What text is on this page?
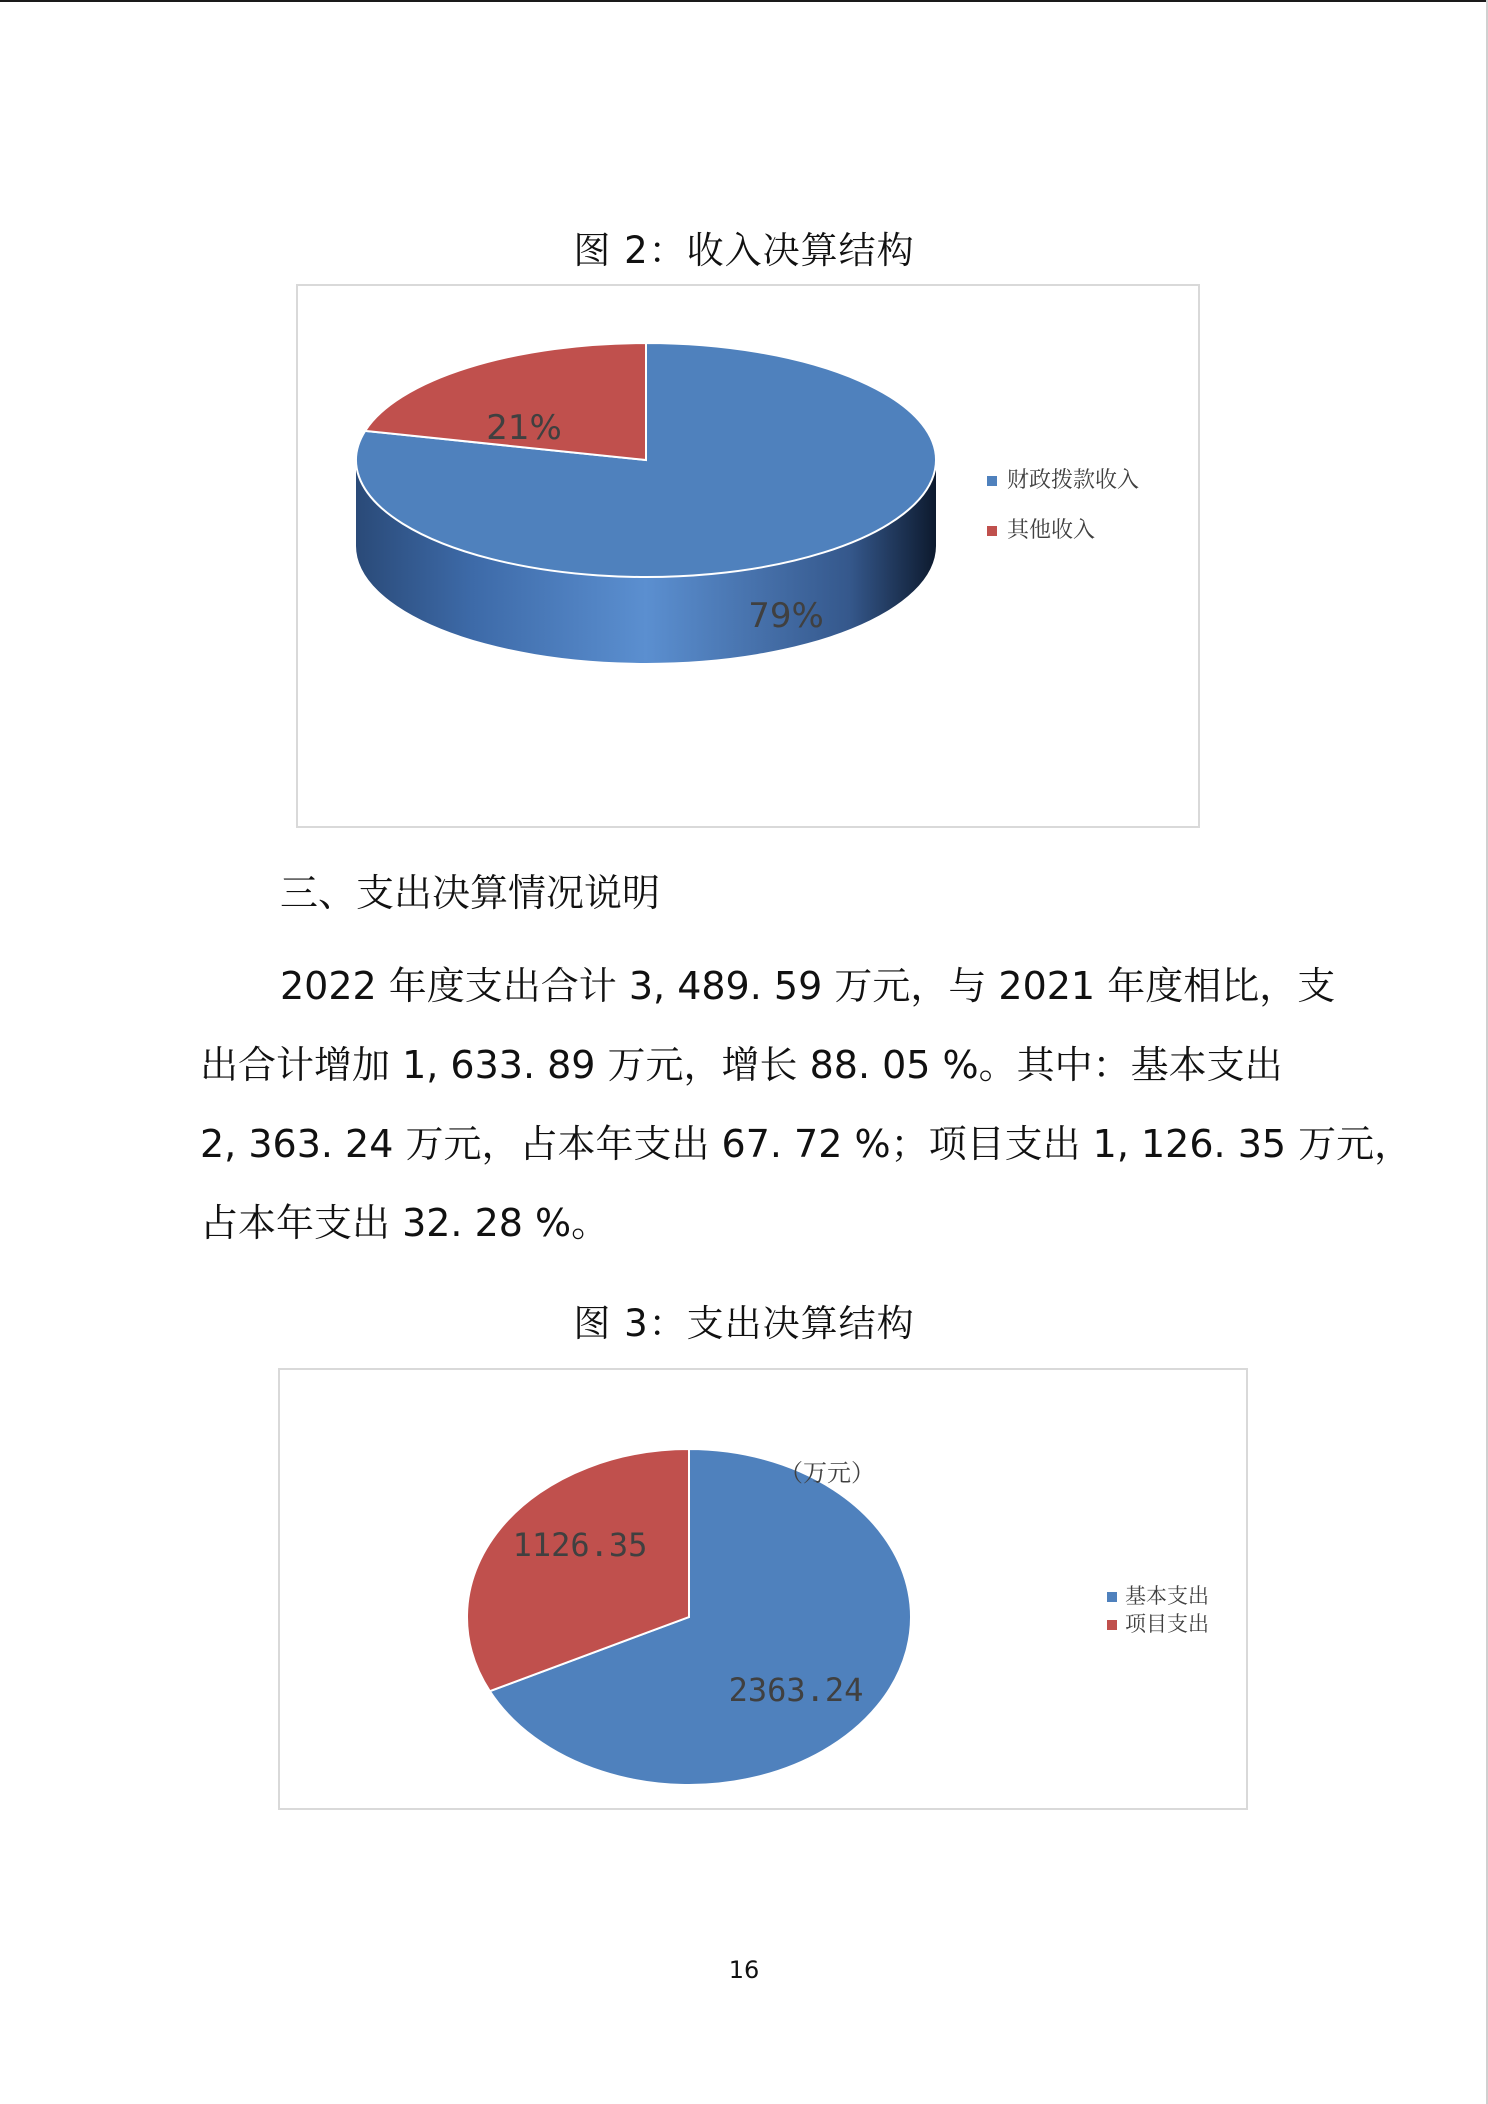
图 2：收入决算结构
21%
79%
财政拨款收入
其他收入
三、支出决算情况说明
2022 年度支出合计 3, 489. 59 万元，与 2021 年度相比，支
出合计增加 1, 633. 89 万元，增长 88. 05 %。其中：基本支出
2, 363. 24 万元，占本年支出 67. 72 %；项目支出 1, 126. 35 万元，
占本年支出 32. 28 %。
图 3：支出决算结构
（万元）
1126.35
2363.24
基本支出
项目支出
16
